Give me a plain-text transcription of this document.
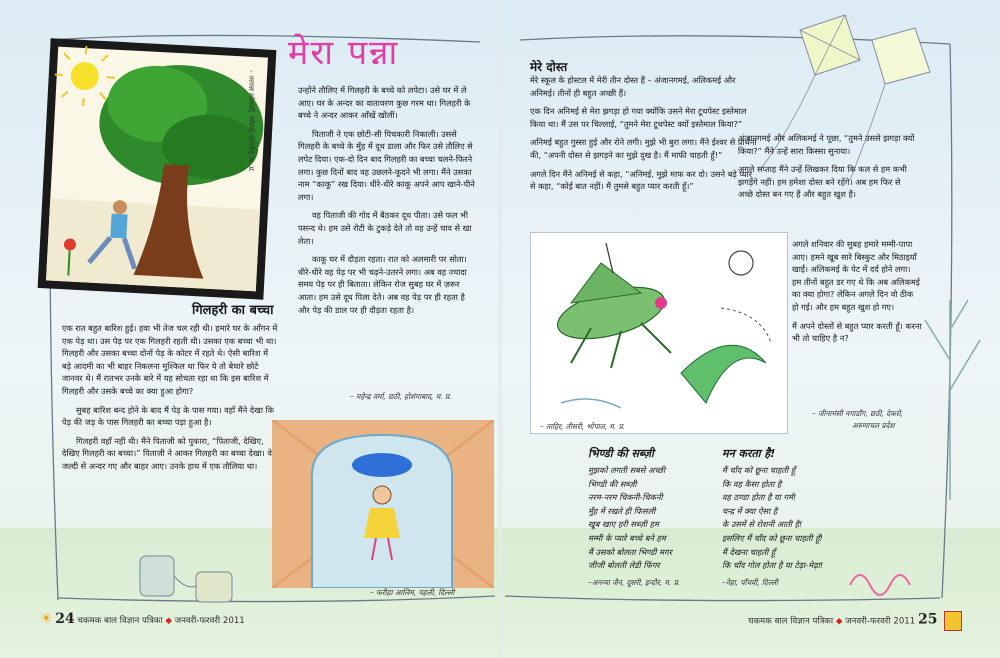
- नरगस सोलंकी, पाँचवी, उज्जैन, म. प्र.
मेरा पन्ना
गिलहरी का बच्चा

एक रात बहुत बारिश हुई। हवा भी तेज चल रही थी। हमारे घर के आँगन में एक पेड़ था। उस पेड़ पर एक गिलहरी रहती थी। उसका एक बच्चा भी था। गिलहरी और उसका बच्चा दोनों पेड़ के कोटर में रहते थे। ऐसी बारिश में बड़े आदमी का भी बाहर निकलना मुश्किल था फिर ये तो बेचारे छोटे जानवर थे। मैं रातभर उनके बारे में यह सोचता रहा था कि इस बारिश में गिलहरी और उसके बच्चे का क्या हुआ होगा?

सुबह बारिश बन्द होने के बाद मैं पेड़ के पास गया। वहाँ मैंने देखा कि पेड़ की जड़ के पास गिलहरी का बच्चा पड़ा हुआ है।

गिलहरी वहाँ नहीं थी। मैंने पिताजी को पुकारा, “पिताजी, देखिए, देखिए गिलहरी का बच्चा।” पिताजी ने आकर गिलहरी का बच्चा देखा। वे जल्दी से अन्दर गए और बाहर आए। उनके हाथ में एक तौलिया था।

उन्होंने तौलिए में गिलहरी के बच्चे को लपेटा। उसे घर में ले आए। घर के अन्दर का वातावरण कुछ गरम था। गिलहरी के बच्चे ने अन्दर आकर आँखें खोलीं।

पिताजी ने एक छोटी-सी पिचकारी निकाली। उससे गिलहरी के बच्चे के मुँह में दूध डाला और फिर उसे तौलिए से लपेट दिया। एक-दो दिन बाद गिलहरी का बच्चा चलने-फिरने लगा। कुछ दिनों बाद वह उछलने-कूदने भी लगा। मैंने उसका नाम “काकू” रख दिया। धीरे-धीरे काकू अपने आप खाने-पीने लगा।

वह पिताजी की गोद में बैठकर दूध पीता। उसे फल भी पसन्द थे। हम उसे रोटी के टुकड़े देते तो वह उन्हें चाव से खा लेता।

काकू घर में दौड़ता रहता। रात को अलमारी पर सोता। धीरे-धीरे वह पेड़ पर भी चढ़ने-उतरने लगा। अब वह ज्यादा समय पेड़ पर ही बिताता। लेकिन रोज सुबह घर में ज़रूर आता। हम उसे दूध पिला देते। अब वह पेड़ पर ही रहता है और पेड़ की डाल पर ही दौड़ता रहता है।

– महेन्द्र वर्मा, छठी, होशंगाबाद, म. प्र.
– फरीहा आलिम, पहली, दिल्ली
☀ 24 चकमक बाल विज्ञान पत्रिका ◆ जनवरी-फरवरी 2011
मेरे दोस्त

मेरे स्कूल के होस्टल में मेरी तीन दोस्त हैं – अंजानगमई, अलिकमई और अनिमई। तीनों ही बहुत अच्छी हैं।

एक दिन अनिमई से मेरा झगड़ा हो गया क्योंकि उसने मेरा टूथपेस्ट इस्तेमाल किया था। मैं उस पर चिल्लाई, “तुमने मेरा टूथपेस्ट क्यों इस्तेमाल किया?”

अनिमई बहुत गुस्सा हुई और रोने लगी। मुझे भी बुरा लगा। मैंने ईश्वर से प्रार्थना की, “अपनी दोस्त से झगड़ने का मुझे दुख है। मैं माफी चाहती हूँ!”

अगले दिन मैंने अनिमई से कहा, “अनिमई, मुझे माफ कर दो। उसने बड़े प्यार से कहा, “कोई बात नहीं। मैं तुमसे बहुत प्यार करती हूँ।”

अंजानगमई और अलिकमई ने पूछा, “तुमने उससे झगड़ा क्यों किया?” मैंने उन्हें सारा किस्सा सुनाया।

अगले सप्ताह मैंने उन्हें लिखकर दिया कि कल से हम कभी झगड़ेंगे नहीं। हम हमेशा दोस्त बने रहेंगे। अब हम फिर से अच्छे दोस्त बन गए हैं और बहुत खुश हैं।

अगले शनिवार की सुबह हमारे मम्मी-पापा आए। हमने खूब सारे बिस्कुट और मिठाइयाँ खाईं। अलिकमई के पेट में दर्द होने लगा। हम तीनों बहुत डर गए थे कि अब अलिकमई का क्या होगा? लेकिन अगले दिन वो ठीक हो गई। और हम बहुत खुश हो गए।

मैं अपने दोस्तों से बहुत प्यार करती हूँ। करना भी तो चाहिए है न?

– जीनामंसी नगाडाँग, छठी, देकरो,
अरुणाचल प्रदेश
– ताहिर, तीसरी, भोपाल, म. प्र.
भिण्डी की सब्ज़ी
मुझको लगती सबसे अच्छी
भिण्डी की सब्ज़ी
नरम-नरम चिकनी-चिकनी
मुँह में रखते ही फिसली
खूब खाए हरी सब्ज़ी हम
मम्मी के प्यारे बच्चे बने हम
मैं उसको बोलता भिण्डी मगर
जीजी बोलती लेडी फिंगर
–अनन्या जैन, दूसरी, इन्दौर, म. प्र.
मन करता है!
मैं चाँद को छूना चाहती हूँ
कि वह कैसा होता है
वह ठण्डा होता है या गर्म!
चन्द्र में क्या ऐसा है
के उसमें से रोशनी आती है!
इसलिए मैं चाँद को छूना चाहती हूँ!
मैं देखना चाहती हूँ
कि चाँद गोल होता है या टेढ़ा-मेढ़ा!
–नेहा, पाँचवीं, दिल्ली
चकमक बाल विज्ञान पत्रिका ◆ जनवरी-फरवरी 2011 25
